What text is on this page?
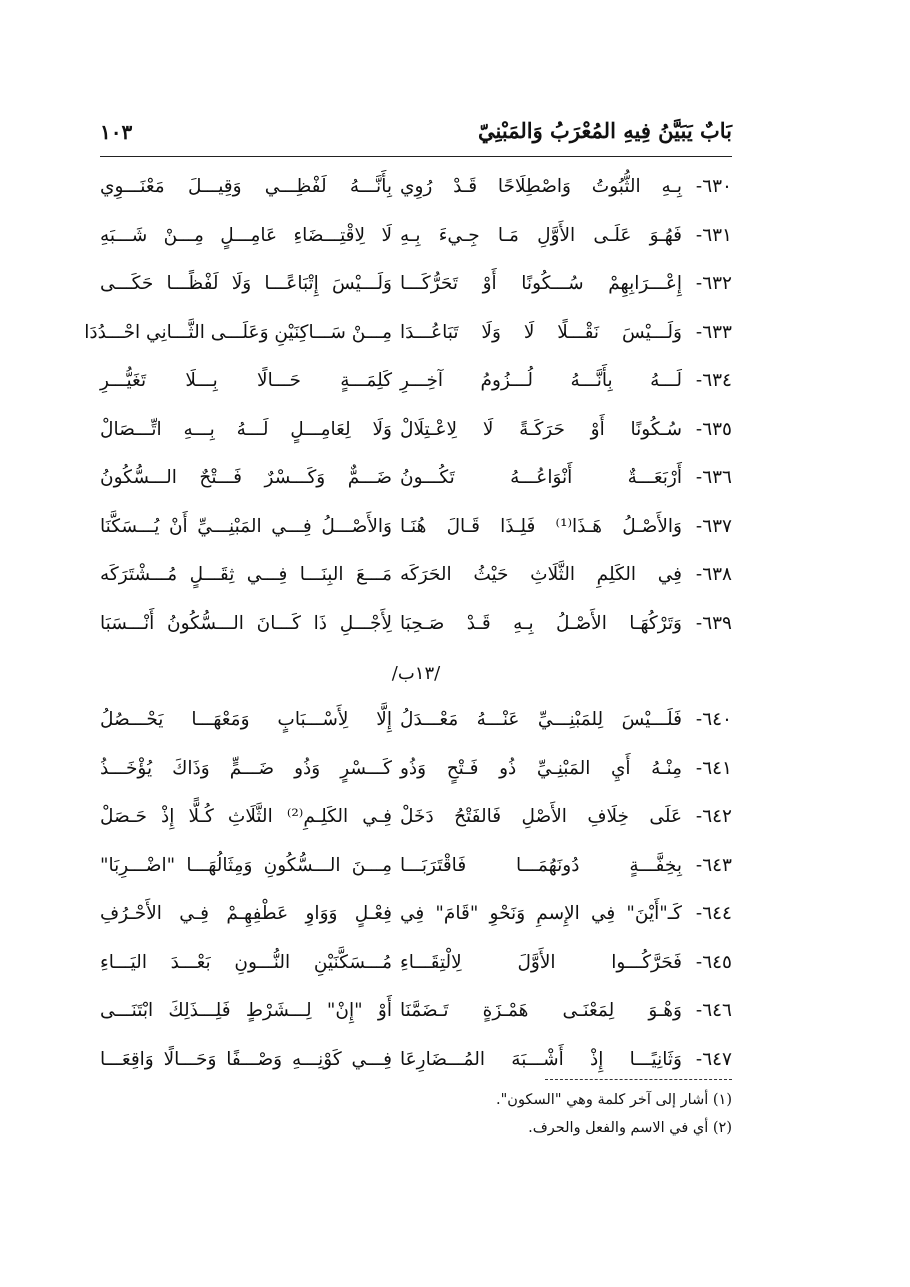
بَابٌ يَبَيَّنُ فِيهِ المُعْرَبُ وَالمَبْنِيّ
١٠٣
٦٣٠-
بِـهِ الثُّبُوتُ وَاصْطِلَاحًا قَـدْ رُوِي
بِأَنَّـــهُ لَفْظِـــي وَقِيـــلَ مَعْنَـــوِي
٦٣١-
فَهُـوَ عَلَـى الأَوَّلِ مَـا جِـيءَ بِـهِ
لَا لِاقْتِـــضَاءِ عَامِـــلٍ مِـــنْ شَـــبَهِ
٦٣٢-
إِعْـــرَابِهِمْ سُـــكُونًا أَوْ تَحَرُّكَـــا
وَلَـــيْسَ إِتْبَاعًـــا وَلَا لَفْظًـــا حَكَـــى
٦٣٣-
وَلَـــيْسَ نَقْـــلًا لَا وَلَا تَبَاعُـــدَا
مِـــنْ سَـــاكِنَيْنِ وَعَلَـــى الثَّـــانِي احْـــدُدَا
٦٣٤-
لَـــهُ بِأَنَّـــهُ لُـــزُومُ آخِـــرِ
كَلِمَـــةٍ حَـــالًا بِـــلَا تَغَيُّـــرِ
٦٣٥-
سُـكُونًا أَوْ حَرَكَـةً لَا لِاعْـتِلَالْ
وَلَا لِعَامِـــلٍ لَـــهُ بِـــهِ اتِّـــصَالْ
٦٣٦-
أَرْبَعَـــةٌ أَنْوَاعُـــهُ تَكُـــونُ
ضَـــمٌّ وَكَـــسْرٌ فَـــتْحٌ الـــسُّكُونُ
٦٣٧-
وَالأَصْـلُ هَـذَا⁽¹⁾ فَلِـذَا قَـالَ هُنَـا
وَالأَصْـــلُ فِـــي المَبْنِـــيِّ أَنْ يُـــسَكَّنَا
٦٣٨-
فِي الكَلِمِ الثَّلَاثِ حَيْثُ الحَرَكَه
مَـــعَ البِنَـــا فِـــي ثِقَـــلٍ مُـــشْتَرَكَه
٦٣٩-
وَتَرْكُهَـا الأَصْـلُ بِـهِ قَـدْ صَـحِبَا
لِأَجْـــلِ ذَا كَـــانَ الـــسُّكُونُ أَنْـــسَبَا
/١٣ب/
٦٤٠-
فَلَـــيْسَ لِلمَبْنِـــيِّ عَنْـــهُ مَعْـــدَلُ
إِلَّا لِأَسْـــبَابٍ وَمَعْهَـــا يَحْـــصُلُ
٦٤١-
مِنْـهُ أَيِ المَبْنِـيِّ ذُو فَـتْحٍ وَذُو
كَـــسْرٍ وَذُو ضَـــمٍّ وَذَاكَ يُؤْخَـــذُ
٦٤٢-
عَلَى خِلَافِ الأَصْلِ فَالفَتْحُ دَخَلْ
فِـي الكَلِـمِ⁽²⁾ الثَّلَاثِ كُـلًّا إِذْ حَـصَلْ
٦٤٣-
بِخِفَّـــةٍ دُونَهُمَـــا فَاقْتَرَبَـــا
مِـــنَ الـــسُّكُونِ وَمِثَالُهَـــا "اضْـــرِبَا"
٦٤٤-
كَـ"أَيْنَ" فِي الإِسمِ وَنَحْوِ "قَامَ" فِي
فِعْـلٍ وَوَاوِ عَطْفِهِـمْ فِـي الأَحْـرُفِ
٦٤٥-
فَحَرَّكُـــوا الأَوَّلَ لِالْتِقَـــاءِ
مُـــسَكَّنَيْنِ النُّـــونِ بَعْـــدَ اليَـــاءِ
٦٤٦-
وَهْـوَ لِمَعْنَـى هَمْـزَةٍ تَـضَمَّنَا
أَوْ "إِنْ" لِـــشَرْطٍ فَلِـــذَلِكَ ابْتَنَـــى
٦٤٧-
وَثَانِيًـــا إِذْ أَشْـــبَهَ المُـــضَارِعَا
فِـــي كَوْنِـــهِ وَصْـــفًا وَحَـــالًا وَاقِعَـــا
(١) أشار إلى آخر كلمة وهي "السكون".
(٢) أي في الاسم والفعل والحرف.
